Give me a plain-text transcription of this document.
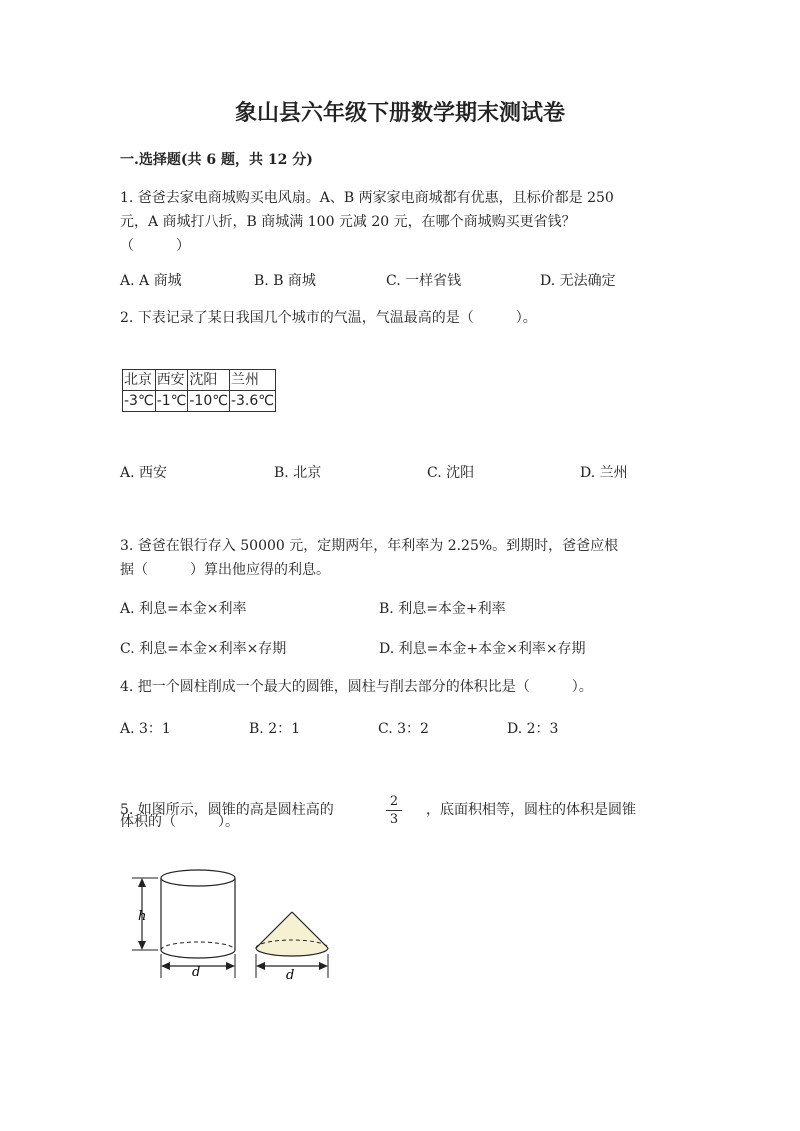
象山县六年级下册数学期末测试卷
一.选择题(共 6 题，共 12 分)
1. 爸爸去家电商城购买电风扇。A、B 两家家电商城都有优惠，且标价都是 250
元，A 商城打八折，B 商城满 100 元减 20 元，在哪个商城购买更省钱？
（　　　）
A. A 商城	B. B 商城	C. 一样省钱	D. 无法确定
2. 下表记录了某日我国几个城市的气温，气温最高的是（　　　）。
北京	西安	沈阳	兰州
-3℃	-1℃	-10℃	-3.6℃
A. 西安	B. 北京	C. 沈阳	D. 兰州
3. 爸爸在银行存入 50000 元，定期两年，年利率为 2.25%。到期时，爸爸应根
据（　　　）算出他应得的利息。
A. 利息=本金×利率	B. 利息=本金+利率
C. 利息=本金×利率×存期	D. 利息=本金+本金×利率×存期
4. 把一个圆柱削成一个最大的圆锥，圆柱与削去部分的体积比是（　　　）。
A. 3：1	B. 2：1	C. 3：2	D. 2：3
5. 如图所示，圆锥的高是圆柱高的
2
3
，底面积相等，圆柱的体积是圆锥
体积的（　　　）。
h
d	d
